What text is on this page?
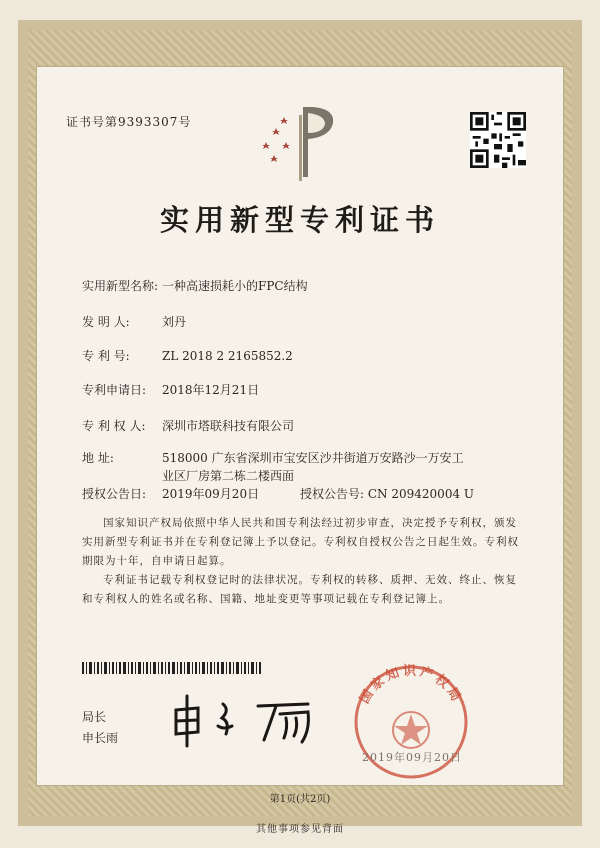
证书号第9393307号
实用新型专利证书
实用新型名称: 一种高速损耗小的FPC结构
发 明 人:	刘丹
专 利 号:	ZL 2018 2 2165852.2
专利申请日: 2018年12月21日
专 利 权 人: 深圳市塔联科技有限公司
地 址:	518000 广东省深圳市宝安区沙井街道万安路沙一万安工
业区厂房第二栋二楼西面
授权公告日: 2019年09月20日	授权公告号: CN 209420004 U
国家知识产权局依照中华人民共和国专利法经过初步审查，决定授予专利权，颁发实用新型专利证书并在专利登记簿上予以登记。专利权自授权公告之日起生效。专利权期限为十年，自申请日起算。
专利证书记载专利权登记时的法律状况。专利权的转移、质押、无效、终止、恢复和专利权人的姓名或名称、国籍、地址变更等事项记载在专利登记簿上。
局长
申长雨
国家知识产权局
2019年09月20日
第1页(共2页)
其他事项参见背面
